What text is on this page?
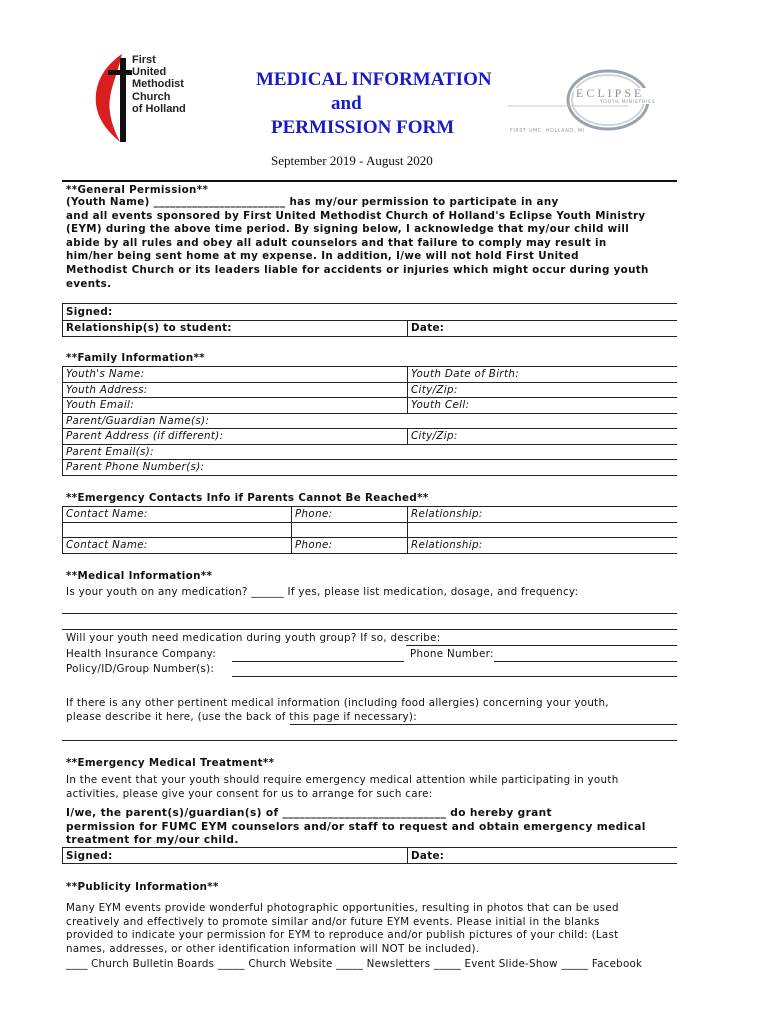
First
United
Methodist
Church
of Holland
ECLIPSE
YOUTH MINISTRIES
FIRST UMC, HOLLAND, MI
MEDICAL INFORMATION
and
PERMISSION FORM
September 2019 - August 2020
**General Permission**
(Youth Name) ________________________ has my/our permission to participate in any
and all events sponsored by First United Methodist Church of Holland's Eclipse Youth Ministry
(EYM) during the above time period. By signing below, I acknowledge that my/our child will
abide by all rules and obey all adult counselors and that failure to comply may result in
him/her being sent home at my expense. In addition, I/we will not hold First United
Methodist Church or its leaders liable for accidents or injuries which might occur during youth
events.
Signed:
Relationship(s) to student:	Date:
**Family Information**
Youth's Name:	Youth Date of Birth:
Youth Address:	City/Zip:
Youth Email:	Youth Cell:
Parent/Guardian Name(s):
Parent Address (if different):	City/Zip:
Parent Email(s):
Parent Phone Number(s):
**Emergency Contacts Info if Parents Cannot Be Reached**
Contact Name:	Phone:	Relationship:
Contact Name:	Phone:	Relationship:
**Medical Information**
Is your youth on any medication? ______ If yes, please list medication, dosage, and frequency:
Will your youth need medication during youth group? If so, describe:
Health Insurance Company:	Phone Number:
Policy/ID/Group Number(s):
If there is any other pertinent medical information (including food allergies) concerning your youth,
please describe it here, (use the back of this page if necessary):
**Emergency Medical Treatment**
In the event that your youth should require emergency medical attention while participating in youth
activities, please give your consent for us to arrange for such care:
I/we, the parent(s)/guardian(s) of _____________________________ do hereby grant
permission for FUMC EYM counselors and/or staff to request and obtain emergency medical
treatment for my/our child.
Signed:	Date:
**Publicity Information**
Many EYM events provide wonderful photographic opportunities, resulting in photos that can be used
creatively and effectively to promote similar and/or future EYM events. Please initial in the blanks
provided to indicate your permission for EYM to reproduce and/or publish pictures of your child: (Last
names, addresses, or other identification information will NOT be included).
____ Church Bulletin Boards _____ Church Website _____ Newsletters _____ Event Slide-Show _____ Facebook
